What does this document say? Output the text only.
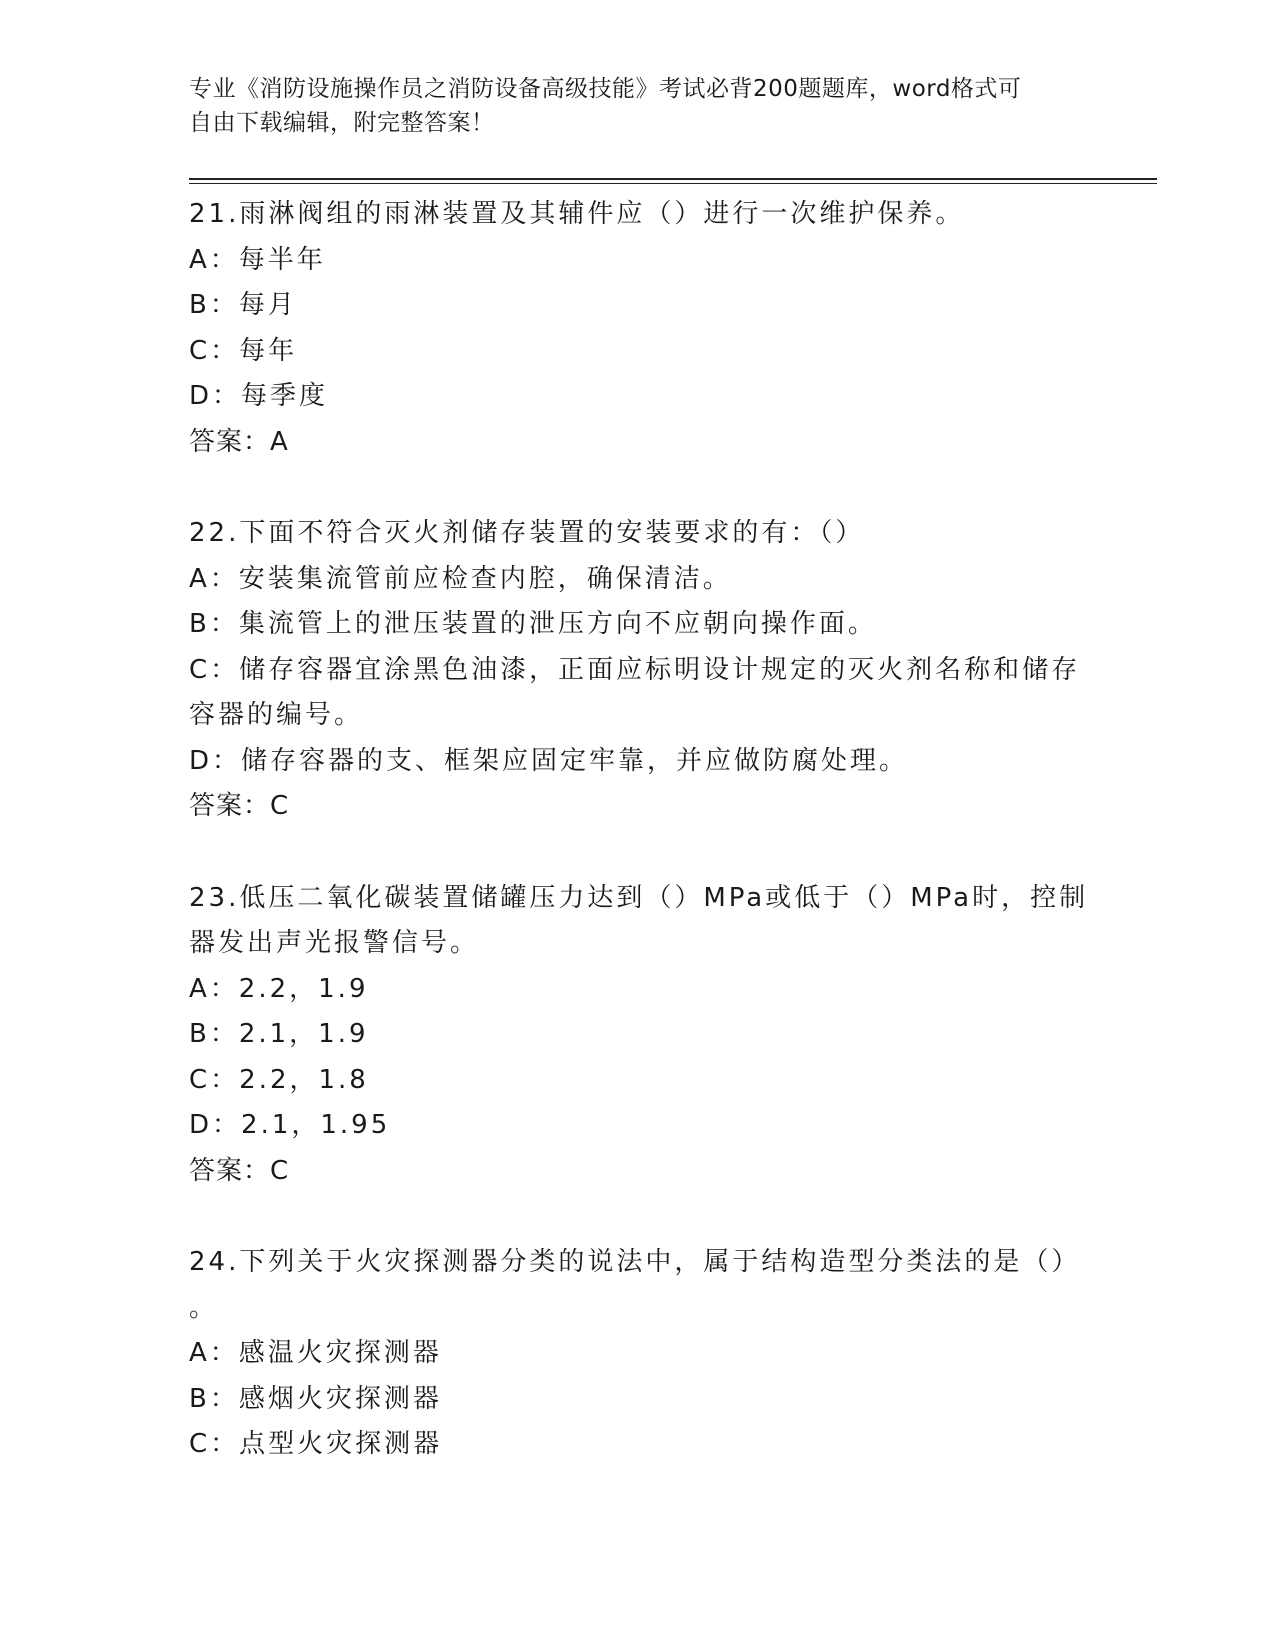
专业《消防设施操作员之消防设备高级技能》考试必背200题题库，word格式可
自由下载编辑，附完整答案！
21.雨淋阀组的雨淋装置及其辅件应（）进行一次维护保养。
A：每半年
B：每月
C：每年
D：每季度
答案：A
22.下面不符合灭火剂储存装置的安装要求的有：（）
A：安装集流管前应检查内腔，确保清洁。
B：集流管上的泄压装置的泄压方向不应朝向操作面。
C：储存容器宜涂黑色油漆，正面应标明设计规定的灭火剂名称和储存
容器的编号。
D：储存容器的支、框架应固定牢靠，并应做防腐处理。
答案：C
23.低压二氧化碳装置储罐压力达到（）MPa或低于（）MPa时，控制
器发出声光报警信号。
A：2.2，1.9
B：2.1，1.9
C：2.2，1.8
D：2.1，1.95
答案：C
24.下列关于火灾探测器分类的说法中，属于结构造型分类法的是（）
。
A：感温火灾探测器
B：感烟火灾探测器
C：点型火灾探测器
